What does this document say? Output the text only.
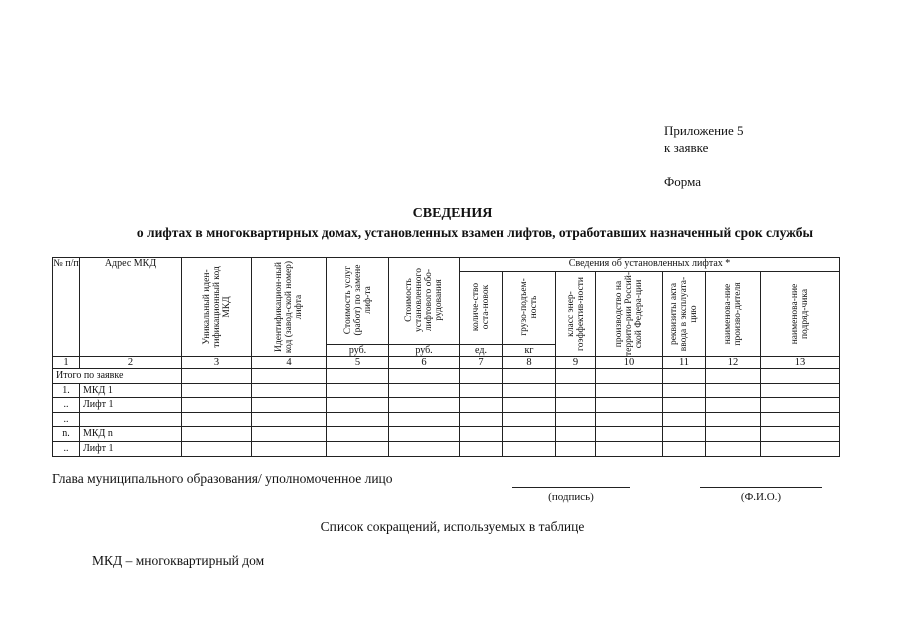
Приложение 5
к заявке
Форма
СВЕДЕНИЯ
о лифтах в многоквартирных домах, установленных взамен лифтов, отработавших назначенный срок службы
№ п/п	Адрес МКД	Уникальный иден-тификационный код МКД	Идентификацион-ный код (завод-ской номер) лифта	Стоимость услуг (работ) по замене лиф-та	Стоимость установленного лифтового обо-рудования	Сведения об установленных лифтах *						

						количе-ство оста-новок	грузо-подъем-ность	класс энер-гоэффектив-ности	производство на террито-рии Россий-ской Федера-ции	реквизиты акта ввода в эксплуата-цию	наименова-ние произво-дителя	наименова-ние подряд-чика

				руб.	руб.	ед.	кг					
1	2	3	4	5	6	7	8	9	10	11	12	13
Итого по заявке												
1.	МКД 1											
..	Лифт 1											
..												
n.	МКД n											
..	Лифт 1											
Глава муниципального образования/ уполномоченное лицо
(подпись)	(Ф.И.О.)
Список сокращений, используемых в таблице
МКД – многоквартирный дом
